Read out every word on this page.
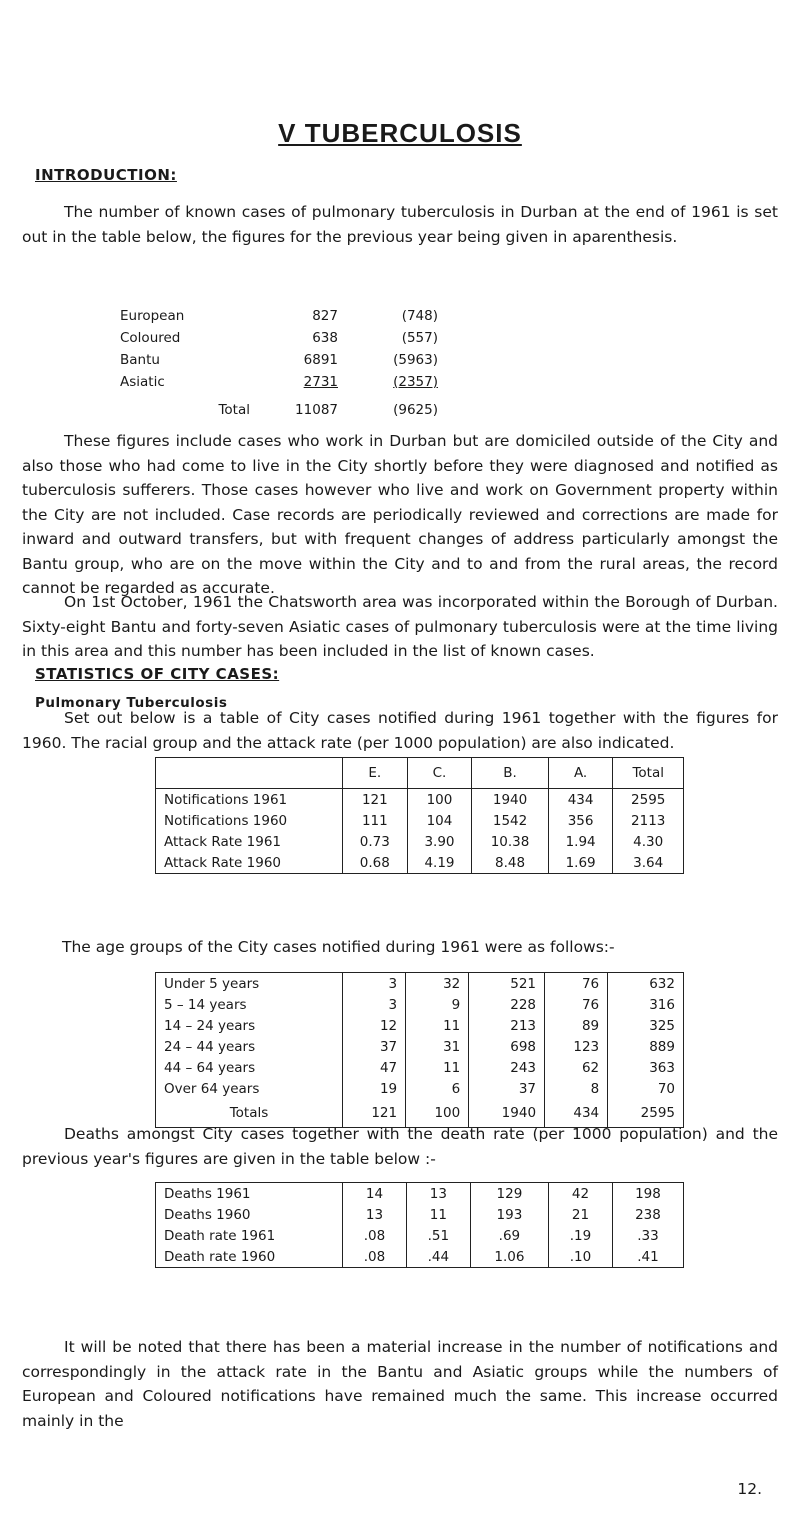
V TUBERCULOSIS
INTRODUCTION:

The number of known cases of pulmonary tuberculosis in Durban at the end of 1961 is set out in the table below, the figures for the previous year being given in aparenthesis.

European	827	(748)
Coloured	638	(557)
Bantu	6891	(5963)
Asiatic	2731	(2357)
Total	11087	(9625)

These figures include cases who work in Durban but are domiciled outside of the City and also those who had come to live in the City shortly before they were diagnosed and notified as tuberculosis sufferers. Those cases however who live and work on Government property within the City are not included. Case records are periodically reviewed and corrections are made for inward and outward transfers, but with frequent changes of address particularly amongst the Bantu group, who are on the move within the City and to and from the rural areas, the record cannot be regarded as accurate.

On 1st October, 1961 the Chatsworth area was incorporated within the Borough of Durban. Sixty-eight Bantu and forty-seven Asiatic cases of pulmonary tuberculosis were at the time living in this area and this number has been included in the list of known cases.

STATISTICS OF CITY CASES:
Pulmonary Tuberculosis

Set out below is a table of City cases notified during 1961 together with the figures for 1960. The racial group and the attack rate (per 1000 population) are also indicated.

	E.	C.	B.	A.	Total
Notifications 1961	121	100	1940	434	2595
Notifications 1960	111	104	1542	356	2113
Attack Rate 1961	0.73	3.90	10.38	1.94	4.30
Attack Rate 1960	0.68	4.19	8.48	1.69	3.64

The age groups of the City cases notified during 1961 were as follows:-

Under 5 years	3	32	521	76	632
5 – 14 years	3	9	228	76	316
14 – 24 years	12	11	213	89	325
24 – 44 years	37	31	698	123	889
44 – 64 years	47	11	243	62	363
Over 64 years	19	6	37	8	70
Totals	121	100	1940	434	2595

Deaths amongst City cases together with the death rate (per 1000 population) and the previous year's figures are given in the table below :-

Deaths 1961	14	13	129	42	198
Deaths 1960	13	11	193	21	238
Death rate 1961	.08	.51	.69	.19	.33
Death rate 1960	.08	.44	1.06	.10	.41

It will be noted that there has been a material increase in the number of notifications and correspondingly in the attack rate in the Bantu and Asiatic groups while the numbers of European and Coloured notifications have remained much the same. This increase occurred mainly in the

12.
